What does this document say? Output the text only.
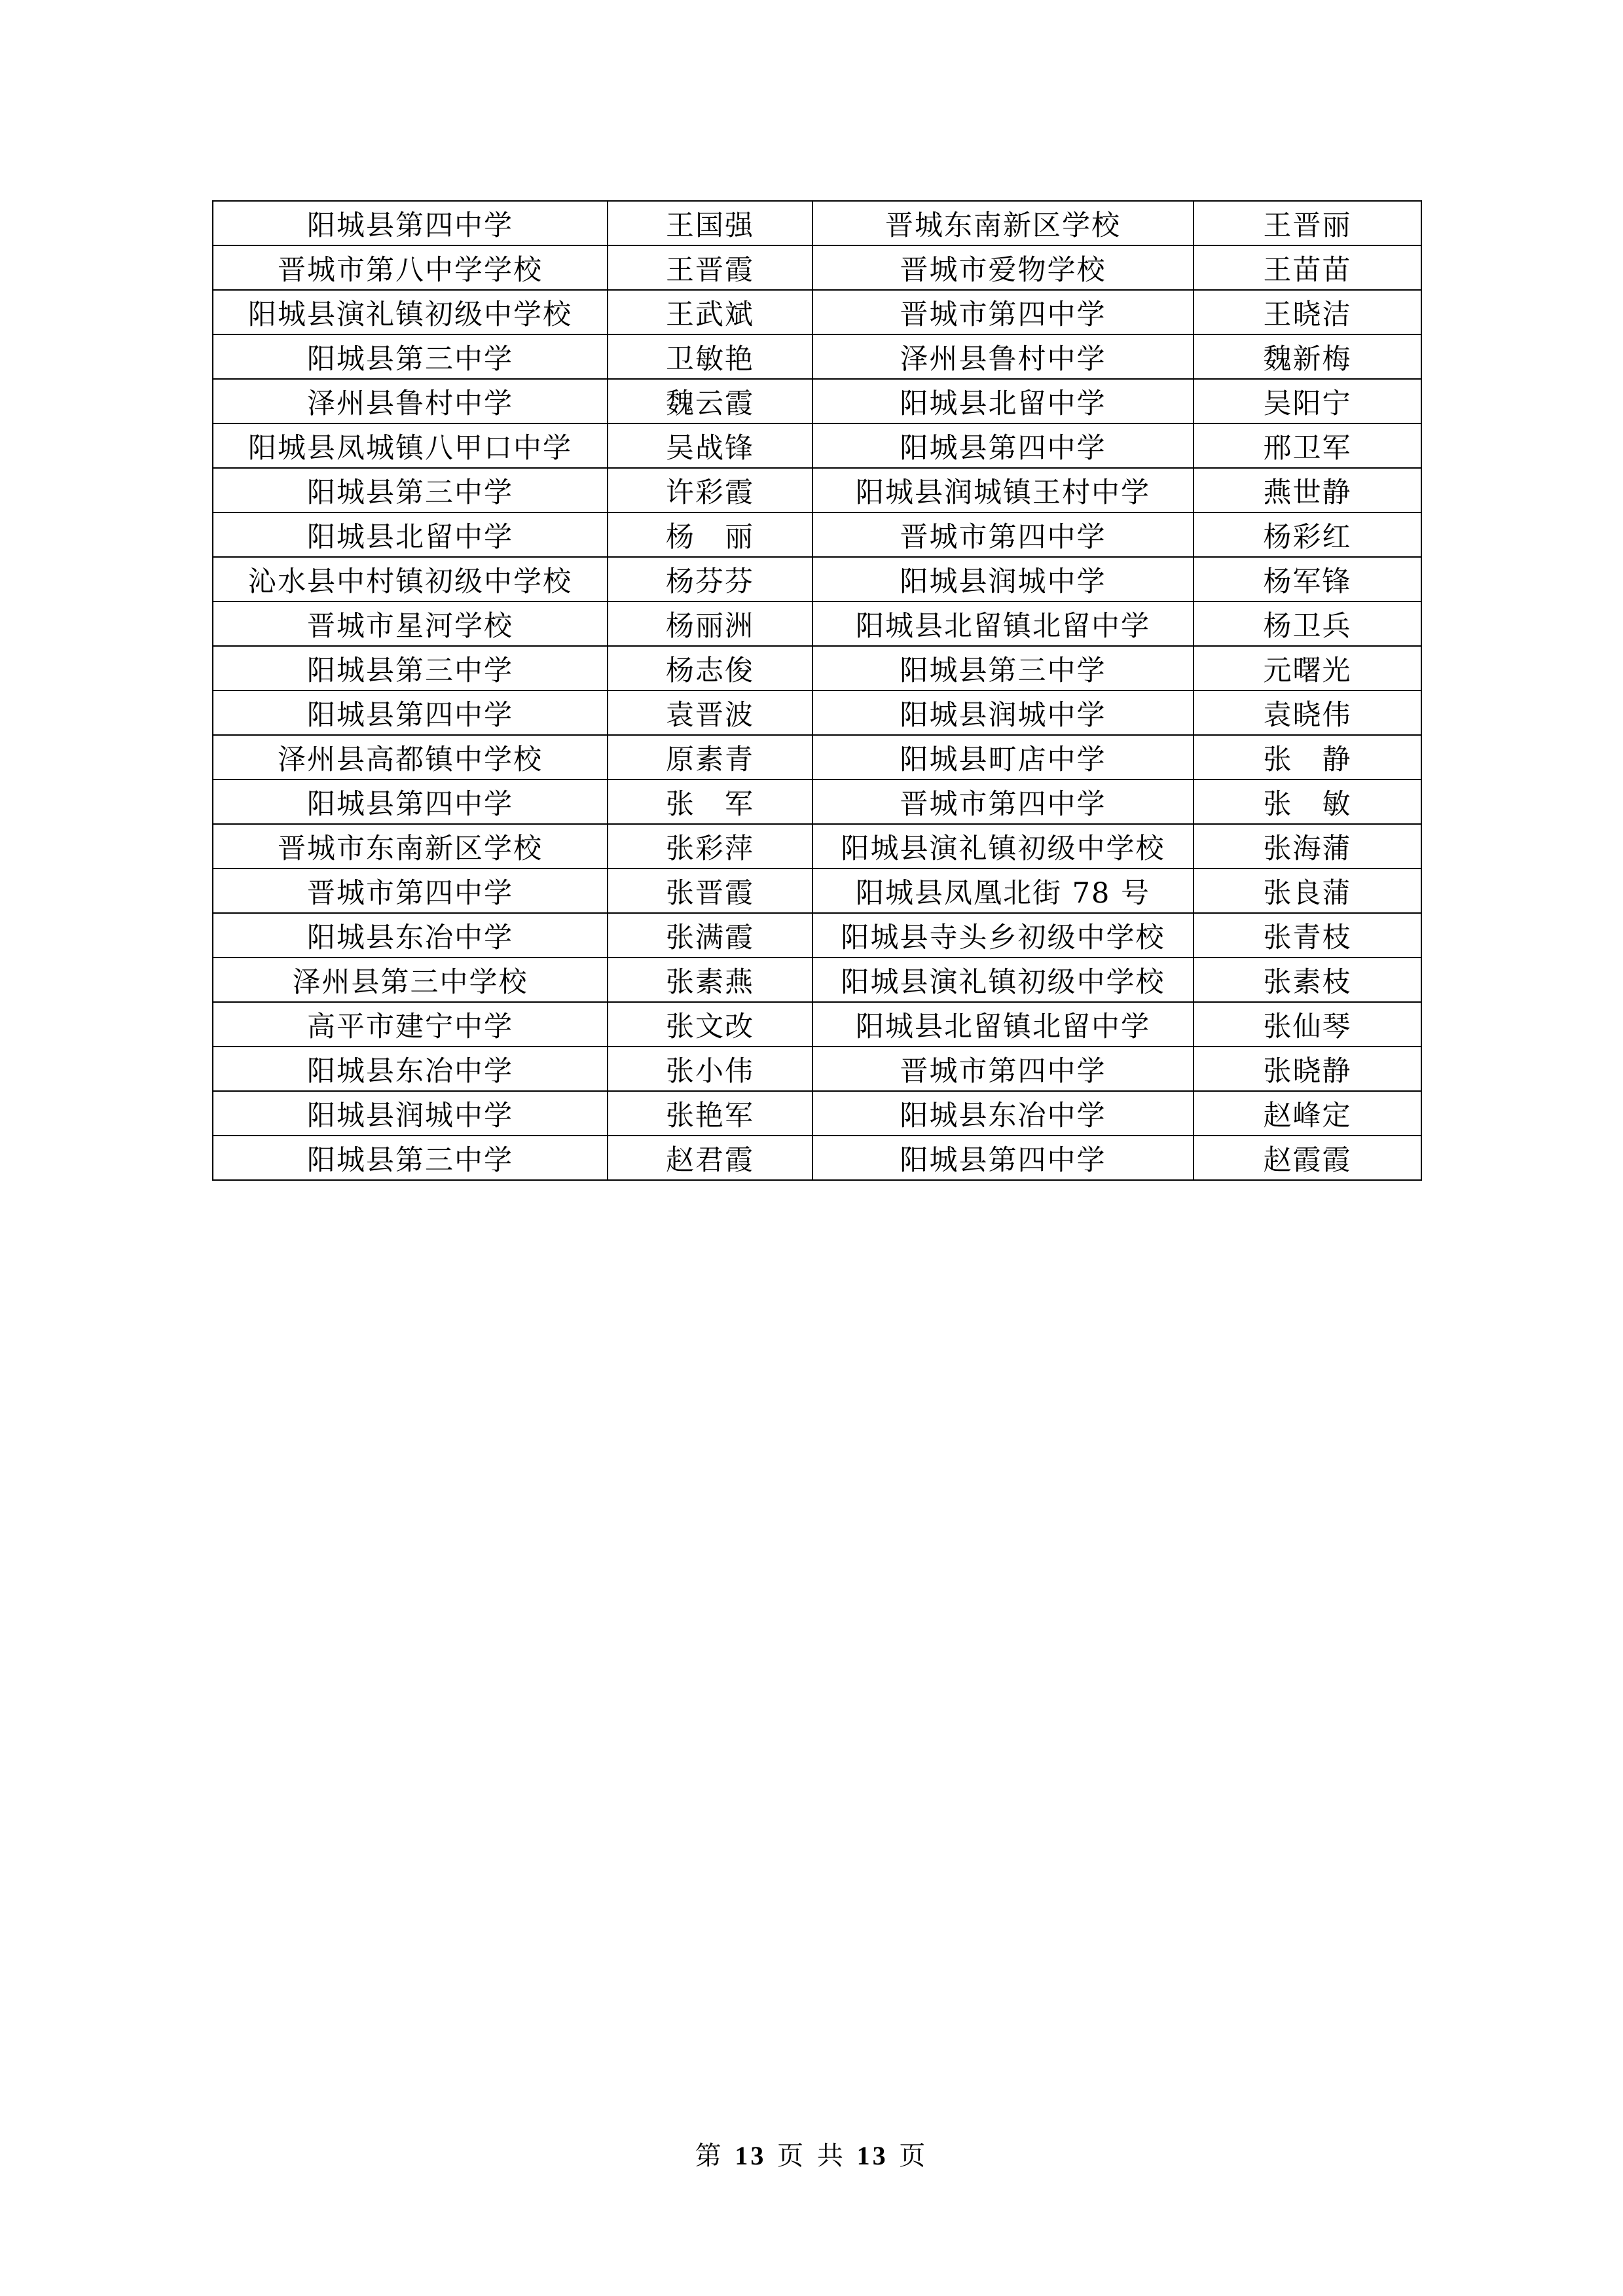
阳城县第四中学	王国强	晋城东南新区学校	王晋丽
晋城市第八中学学校	王晋霞	晋城市爱物学校	王苗苗
阳城县演礼镇初级中学校	王武斌	晋城市第四中学	王晓洁
阳城县第三中学	卫敏艳	泽州县鲁村中学	魏新梅
泽州县鲁村中学	魏云霞	阳城县北留中学	吴阳宁
阳城县凤城镇八甲口中学	吴战锋	阳城县第四中学	邢卫军
阳城县第三中学	许彩霞	阳城县润城镇王村中学	燕世静
阳城县北留中学	杨　丽	晋城市第四中学	杨彩红
沁水县中村镇初级中学校	杨芬芬	阳城县润城中学	杨军锋
晋城市星河学校	杨丽洲	阳城县北留镇北留中学	杨卫兵
阳城县第三中学	杨志俊	阳城县第三中学	元曙光
阳城县第四中学	袁晋波	阳城县润城中学	袁晓伟
泽州县高都镇中学校	原素青	阳城县町店中学	张　静
阳城县第四中学	张　军	晋城市第四中学	张　敏
晋城市东南新区学校	张彩萍	阳城县演礼镇初级中学校	张海蒲
晋城市第四中学	张晋霞	阳城县凤凰北街 78 号	张良蒲
阳城县东冶中学	张满霞	阳城县寺头乡初级中学校	张青枝
泽州县第三中学校	张素燕	阳城县演礼镇初级中学校	张素枝
高平市建宁中学	张文改	阳城县北留镇北留中学	张仙琴
阳城县东冶中学	张小伟	晋城市第四中学	张晓静
阳城县润城中学	张艳军	阳城县东冶中学	赵峰定
阳城县第三中学	赵君霞	阳城县第四中学	赵霞霞
第 13 页 共 13 页
